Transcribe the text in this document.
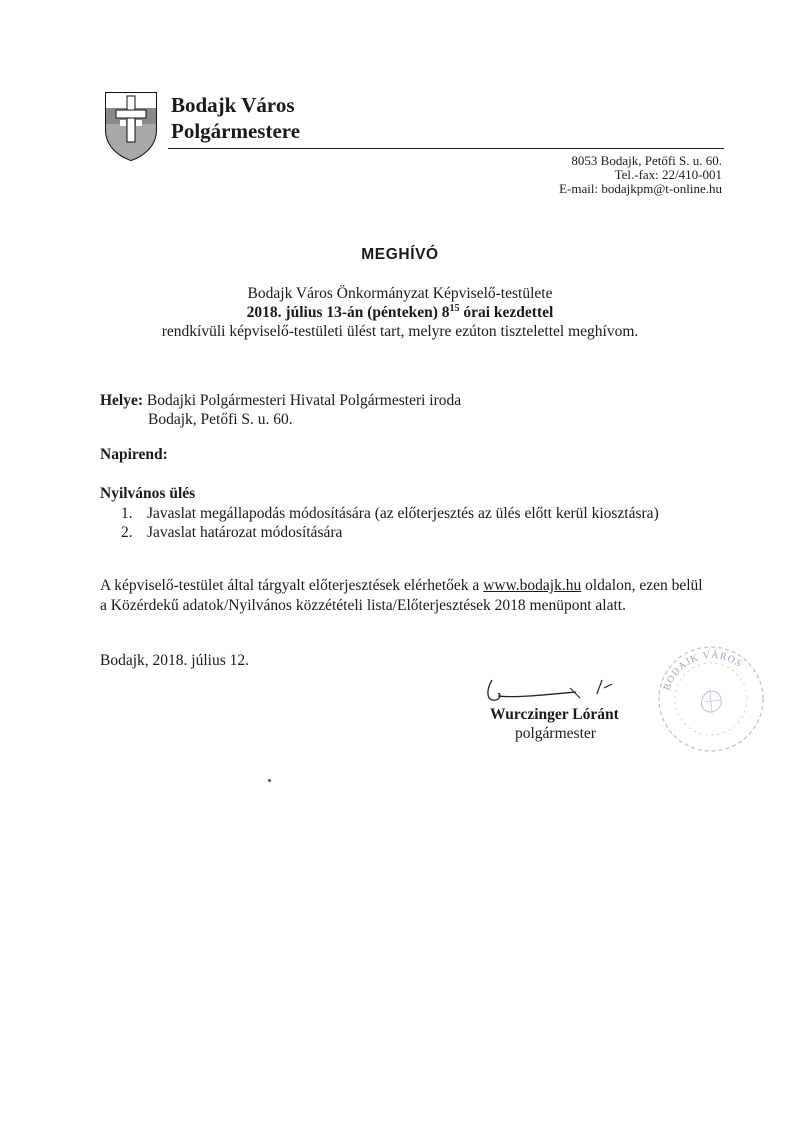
Bodajk Város
Polgármestere
8053 Bodajk, Petőfi S. u. 60.
Tel.-fax: 22/410-001
E-mail: bodajkpm@t-online.hu
MEGHÍVÓ
Bodajk Város Önkormányzat Képviselő-testülete
2018. július 13-án (pénteken) $8^{15}$ órai kezdettel
rendkívüli képviselő-testületi ülést tart, melyre ezúton tisztelettel meghívom.
Helye: Bodajki Polgármesteri Hivatal Polgármesteri iroda
Bodajk, Petőfi S. u. 60.
Napirend:
Nyilvános ülés
1. Javaslat megállapodás módosítására (az előterjesztés az ülés előtt kerül kiosztásra)
2. Javaslat határozat módosítására
A képviselő-testület által tárgyalt előterjesztések elérhetőek a www.bodajk.hu oldalon, ezen belül
a Közérdekű adatok/Nyilvános közzétételi lista/Előterjesztések 2018 menüpont alatt.
Bodajk, 2018. július 12.
Wurczinger Lóránt
polgármester
BODAJK VÁROS
